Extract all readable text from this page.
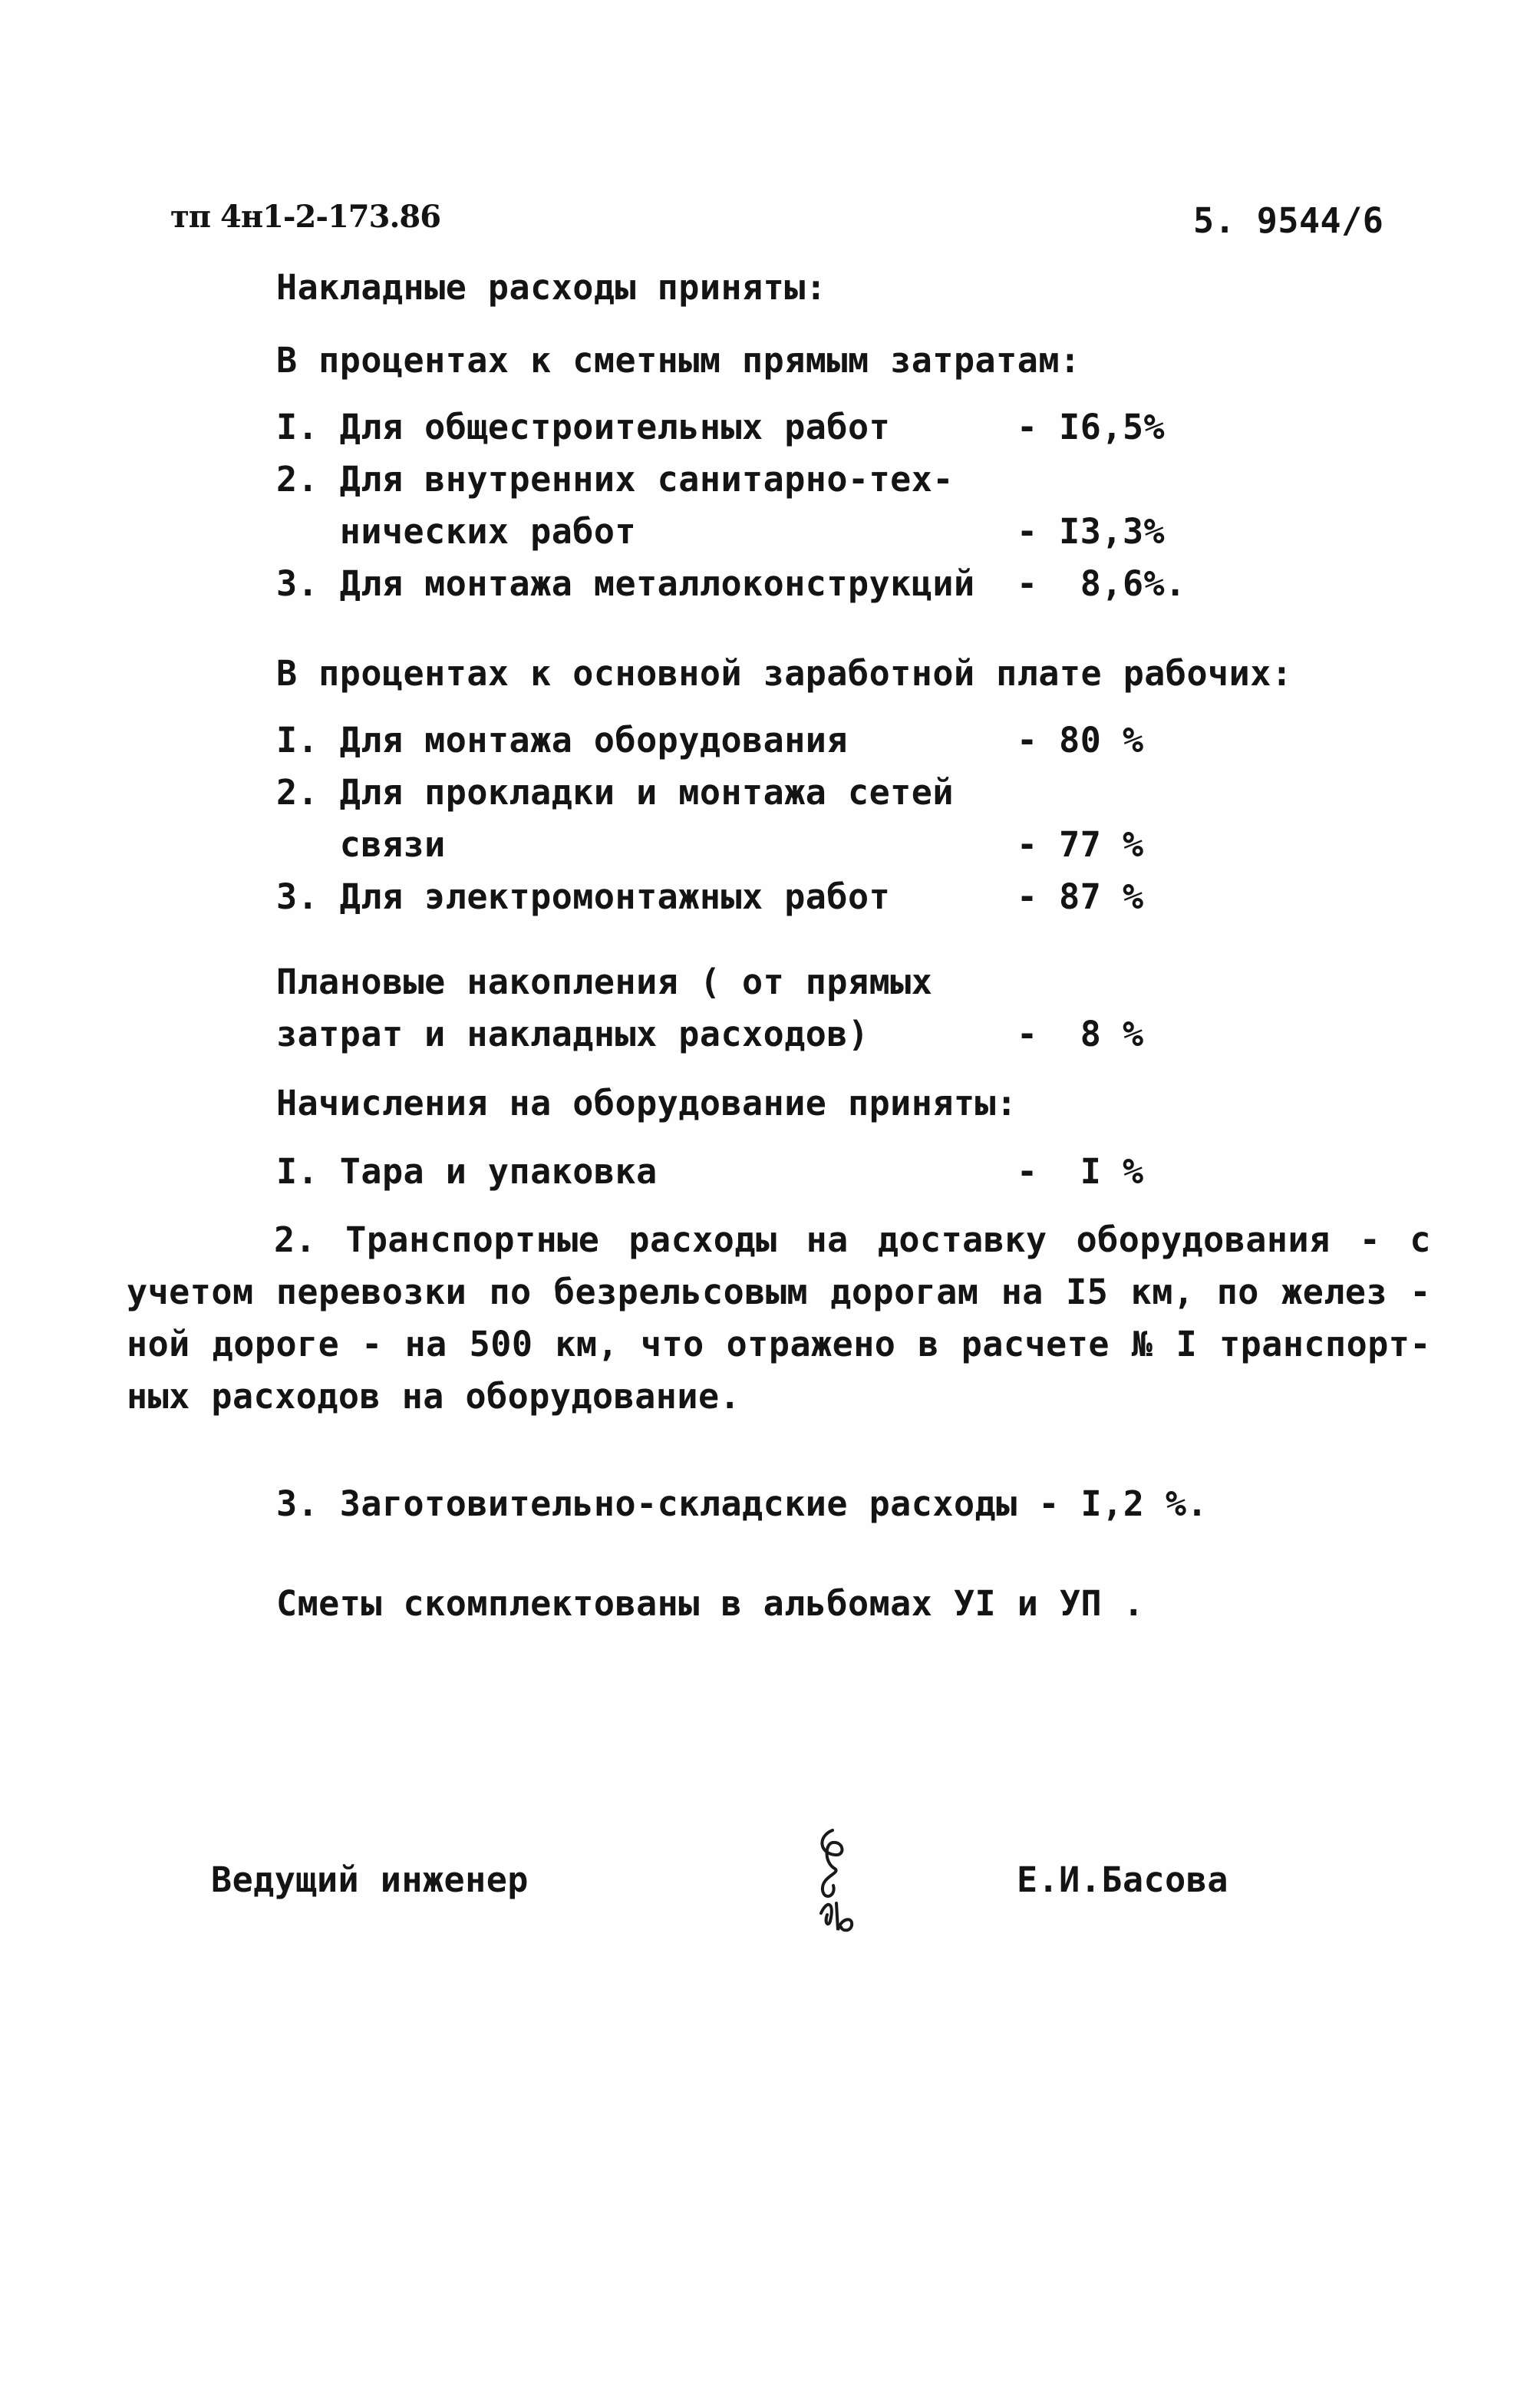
тп 4н1-2-173.86	5. 9544/6
Накладные расходы приняты:
В процентах к сметным прямым затратам:
I. Для общестроительных работ	- I6,5%
2. Для внутренних санитарно-тех-
нических работ	- I3,3%
3. Для монтажа металлоконструкций -  8,6%.
В процентах к основной заработной плате рабочих:
I. Для монтажа оборудования	- 80 %
2. Для прокладки и монтажа сетей
связи	- 77 %
3. Для электромонтажных работ	- 87 %
Плановые накопления ( от прямых
затрат и накладных расходов)	-  8 %
Начисления на оборудование приняты:
I. Тара и упаковка	-  I %
2. Транспортные расходы на доставку оборудования - с учетом перевозки по безрельсовым дорогам на I5 км, по желез - ной дороге - на 500 км, что отражено в расчете № I транспорт-ных расходов на оборудование.
3. Заготовительно-складские расходы - I,2 %.
Сметы скомплектованы в альбомах УI и УП .
Ведущий инженер	Е.И.Басова
